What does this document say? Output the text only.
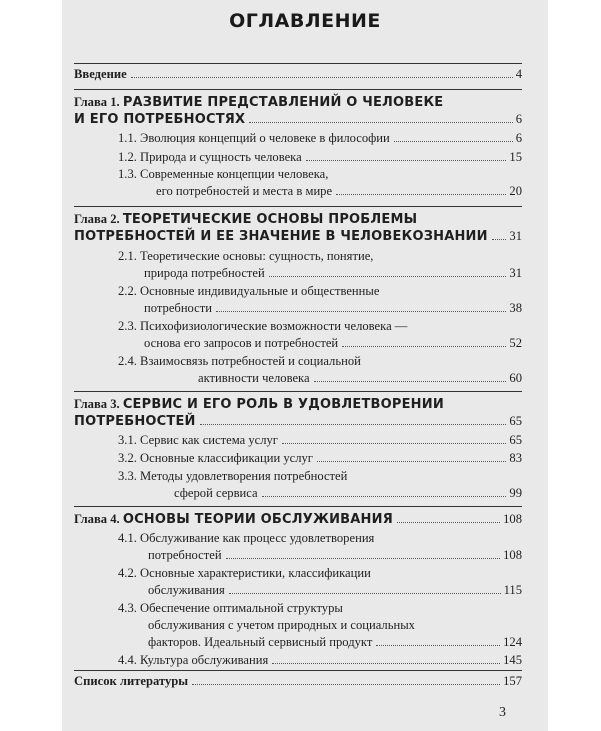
ОГЛАВЛЕНИЕ
Введение	4
Глава 1. РАЗВИТИЕ ПРЕДСТАВЛЕНИЙ О ЧЕЛОВЕКЕ
И ЕГО ПОТРЕБНОСТЯХ	6
1.1. Эволюция концепций о человеке в философии	6
1.2. Природа и сущность человека	15
1.3. Современные концепции человека,
его потребностей и места в мире	20
Глава 2. ТЕОРЕТИЧЕСКИЕ ОСНОВЫ ПРОБЛЕМЫ
ПОТРЕБНОСТЕЙ И ЕЕ ЗНАЧЕНИЕ В ЧЕЛОВЕКОЗНАНИИ 31
2.1. Теоретические основы: сущность, понятие,
природа потребностей	31
2.2. Основные индивидуальные и общественные
потребности	38
2.3. Психофизиологические возможности человека —
основа его запросов и потребностей	52
2.4. Взаимосвязь потребностей и социальной
активности человека	60
Глава 3. СЕРВИС И ЕГО РОЛЬ В УДОВЛЕТВОРЕНИИ
ПОТРЕБНОСТЕЙ	65
3.1. Сервис как система услуг	65
3.2. Основные классификации услуг	83
3.3. Методы удовлетворения потребностей
сферой сервиса	99
Глава 4. ОСНОВЫ ТЕОРИИ ОБСЛУЖИВАНИЯ	108
4.1. Обслуживание как процесс удовлетворения
потребностей	108
4.2. Основные характеристики, классификации
обслуживания	115
4.3. Обеспечение оптимальной структуры
обслуживания с учетом природных и социальных
факторов. Идеальный сервисный продукт	124
4.4. Культура обслуживания	145
Список литературы	157
3
